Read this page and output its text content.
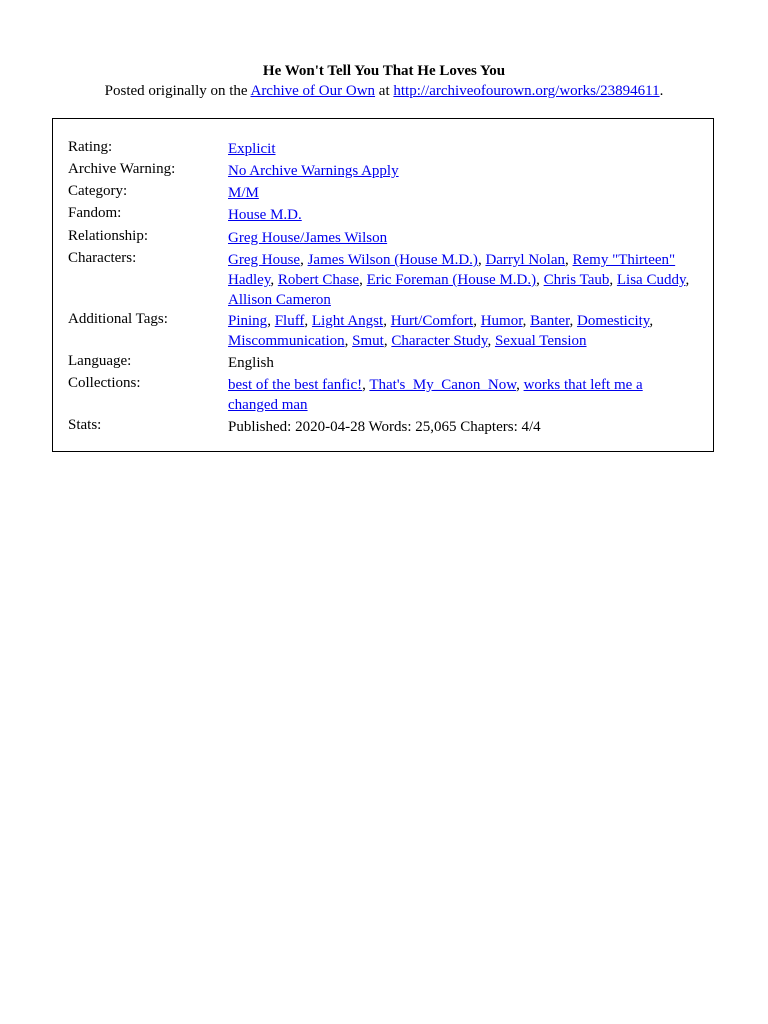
He Won't Tell You That He Loves You
Posted originally on the Archive of Our Own at http://archiveofourown.org/works/23894611.
Rating:	Explicit
Archive Warning:	No Archive Warnings Apply
Category:	M/M
Fandom:	House M.D.
Relationship:	Greg House/James Wilson
Characters:	Greg House, James Wilson (House M.D.), Darryl Nolan, Remy "Thirteen" Hadley, Robert Chase, Eric Foreman (House M.D.), Chris Taub, Lisa Cuddy, Allison Cameron
Additional Tags:	Pining, Fluff, Light Angst, Hurt/Comfort, Humor, Banter, Domesticity, Miscommunication, Smut, Character Study, Sexual Tension
Language:	English
Collections:	best of the best fanfic!, That's_My_Canon_Now, works that left me a changed man
Stats:	Published: 2020-04-28 Words: 25,065 Chapters: 4/4
